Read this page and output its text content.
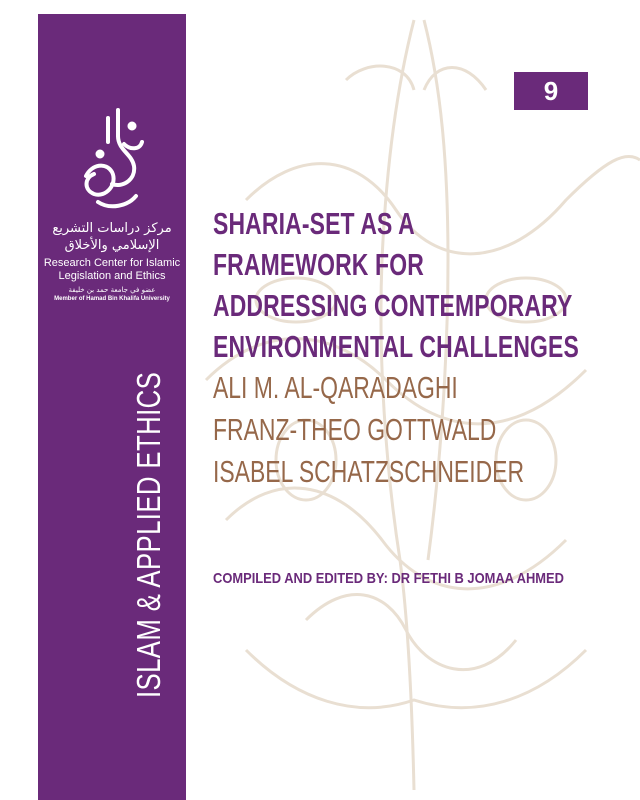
مركز دراسات التشريع
الإسلامي والأخلاق
Research Center for Islamic
Legislation and Ethics
عضو في جامعة حمد بن خليفة
Member of Hamad Bin Khalifa University
ISLAM & APPLIED ETHICS
9
SHARIA-SET AS A
FRAMEWORK FOR
ADDRESSING CONTEMPORARY
ENVIRONMENTAL CHALLENGES
ALI M. AL-QARADAGHI
FRANZ-THEO GOTTWALD
ISABEL SCHATZSCHNEIDER
COMPILED AND EDITED BY: DR FETHI B JOMAA AHMED
